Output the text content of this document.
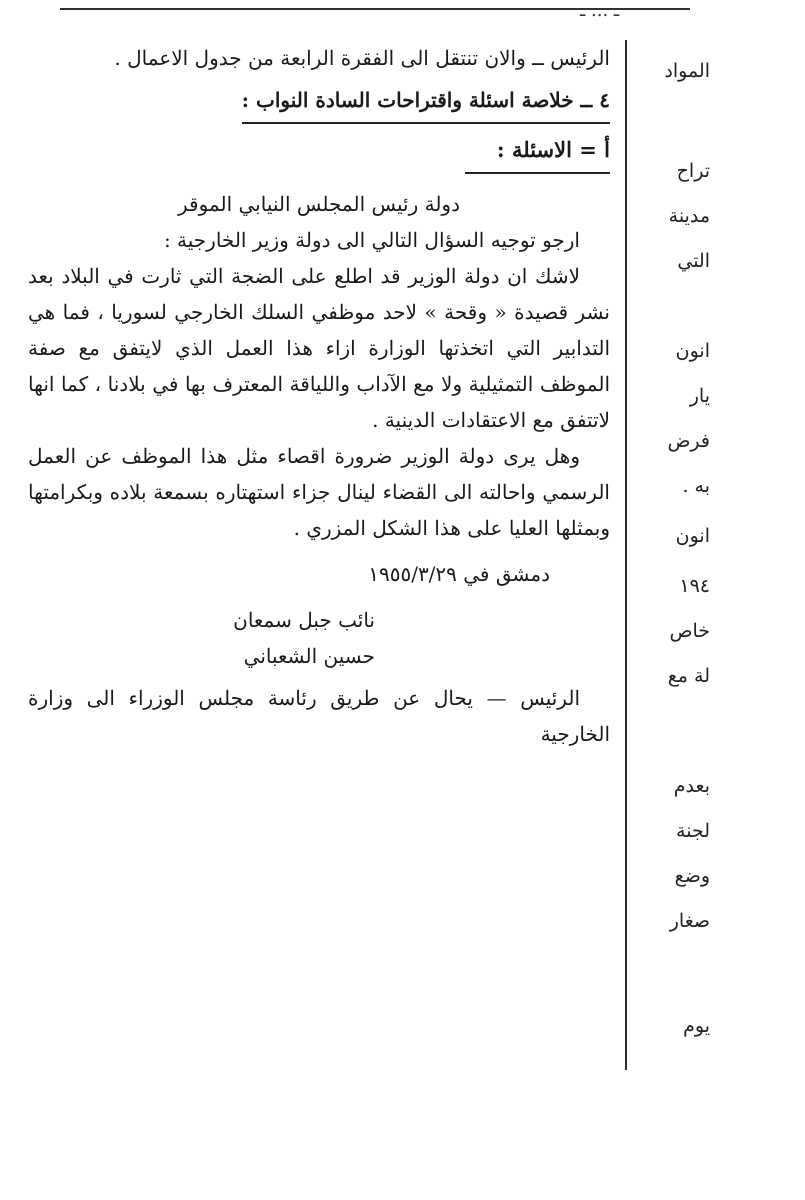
ـ ... ـ

الرئيس ــ والان تنتقل الى الفقرة الرابعة من جدول الاعمال .

٤ ــ خلاصة اسئلة واقتراحات السادة النواب :
أ = الاسئلة :
دولة رئيس المجلس النيابي الموقر

ارجو توجيه السؤال التالي الى دولة وزير الخارجية :

لاشك ان دولة الوزير قد اطلع على الضجة التي ثارت في البلاد بعد نشر قصيدة « وقحة » لاحد موظفي السلك الخارجي لسوريا ، فما هي التدابير التي اتخذتها الوزارة ازاء هذا العمل الذي لايتفق مع صفة الموظف التمثيلية ولا مع الآداب واللياقة المعترف بها في بلادنا ، كما انها لاتتفق مع الاعتقادات الدينية .

وهل يرى دولة الوزير ضرورة اقصاء مثل هذا الموظف عن العمل الرسمي واحالته الى القضاء لينال جزاء استهتاره بسمعة بلاده وبكرامتها وبمثلها العليا على هذا الشكل المزري .

دمشق في ١٩٥٥/٣/٢٩
نائب جبل سمعان
حسين الشعباني

الرئيس — يحال عن طريق رئاسة مجلس الوزراء الى وزارة الخارجية

المواد
تراح
مدينة
التي
انون
يار
فرض
به .
انون
١٩٤
خاص
لة مع
بعدم
لجنة
وضع
صغار
يوم
